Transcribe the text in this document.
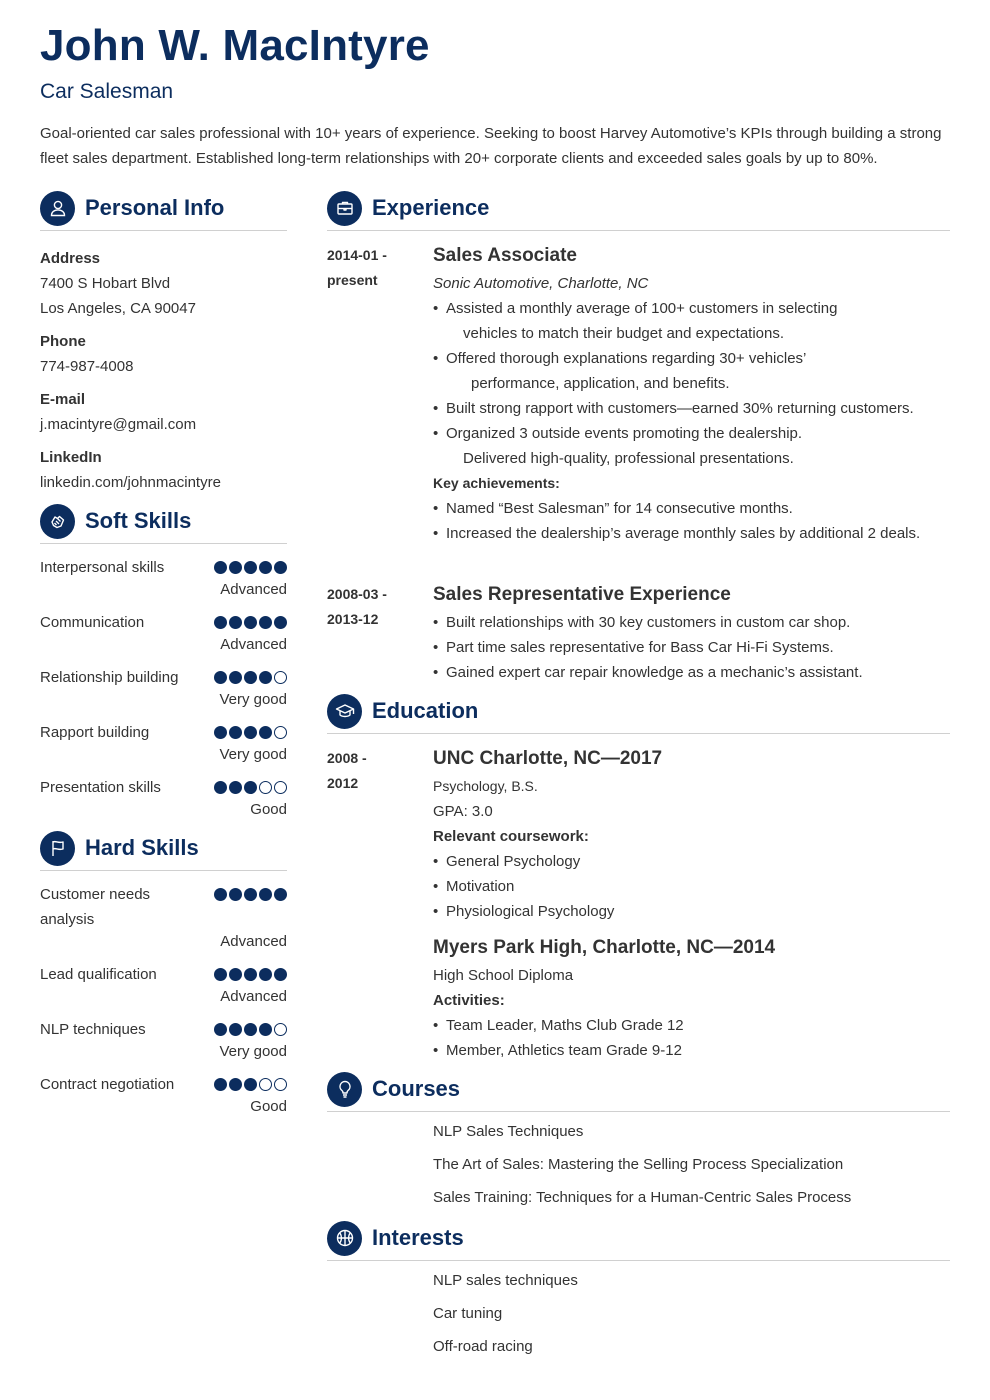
John W. MacIntyre
Car Salesman
Goal-oriented car sales professional with 10+ years of experience. Seeking to boost Harvey Automotive’s KPIs through building a strong fleet sales department. Established long-term relationships with 20+ corporate clients and exceeded sales goals by up to 80%.
Personal Info
Address
7400 S Hobart Blvd
Los Angeles, CA 90047
Phone
774-987-4008
E-mail
j.macintyre@gmail.com
LinkedIn
linkedin.com/johnmacintyre
Soft Skills
Interpersonal skills
Advanced
Communication
Advanced
Relationship building
Very good
Rapport building
Very good
Presentation skills
Good
Hard Skills
Customer needs analysis
Advanced
Lead qualification
Advanced
NLP techniques
Very good
Contract negotiation
Good
Experience
2014-01 -
present
Sales Associate
Sonic Automotive, Charlotte, NC
• Assisted a monthly average of 100+ customers in selecting
vehicles to match their budget and expectations.
• Offered thorough explanations regarding 30+ vehicles’
performance, application, and benefits.
• Built strong rapport with customers—earned 30% returning customers.
• Organized 3 outside events promoting the dealership.
Delivered high-quality, professional presentations.
Key achievements:
• Named “Best Salesman” for 14 consecutive months.
• Increased the dealership’s average monthly sales by additional 2 deals.
2008-03 -
2013-12
Sales Representative Experience
• Built relationships with 30 key customers in custom car shop.
• Part time sales representative for Bass Car Hi-Fi Systems.
• Gained expert car repair knowledge as a mechanic’s assistant.
Education
2008 -
2012
UNC Charlotte, NC—2017
Psychology, B.S.
GPA: 3.0
Relevant coursework:
• General Psychology
• Motivation
• Physiological Psychology
Myers Park High, Charlotte, NC—2014
High School Diploma
Activities:
• Team Leader, Maths Club Grade 12
• Member, Athletics team Grade 9-12
Courses
NLP Sales Techniques
The Art of Sales: Mastering the Selling Process Specialization
Sales Training: Techniques for a Human-Centric Sales Process
Interests
NLP sales techniques
Car tuning
Off-road racing
